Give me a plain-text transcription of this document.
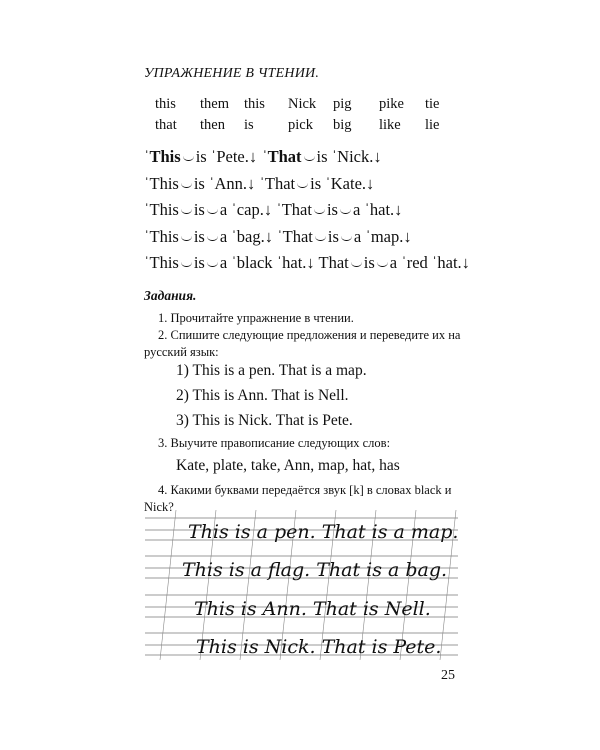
УПРАЖНЕНИЕ В ЧТЕНИИ.
this	them	this	Nick	pig	pike	tie
that	then	is	pick	big	like	lie
ˈThis is ˈPete.↓ ˈThat is ˈNick.↓
ˈThis is ˈAnn.↓ ˈThat is ˈKate.↓
ˈThis is a ˈcap.↓ ˈThat is a ˈhat.↓
ˈThis is a ˈbag.↓ ˈThat is a ˈmap.↓
ˈThis is a ˈblack ˈhat.↓ That is a ˈred ˈhat.↓
Задания.
1. Прочитайте упражнение в чтении.
2. Спишите следующие предложения и переведите их на русский язык:
1) This is a pen. That is a map.
2) This is Ann. That is Nell.
3) This is Nick. That is Pete.
3. Выучите правописание следующих слов:
Kate, plate, take, Ann, map, hat, has
4. Какими буквами передаётся звук [k] в словах black и Nick?
This is a pen. That is a map.
This is a flag. That is a bag.
This is Ann. That is Nell.
This is Nick. That is Pete.
25
